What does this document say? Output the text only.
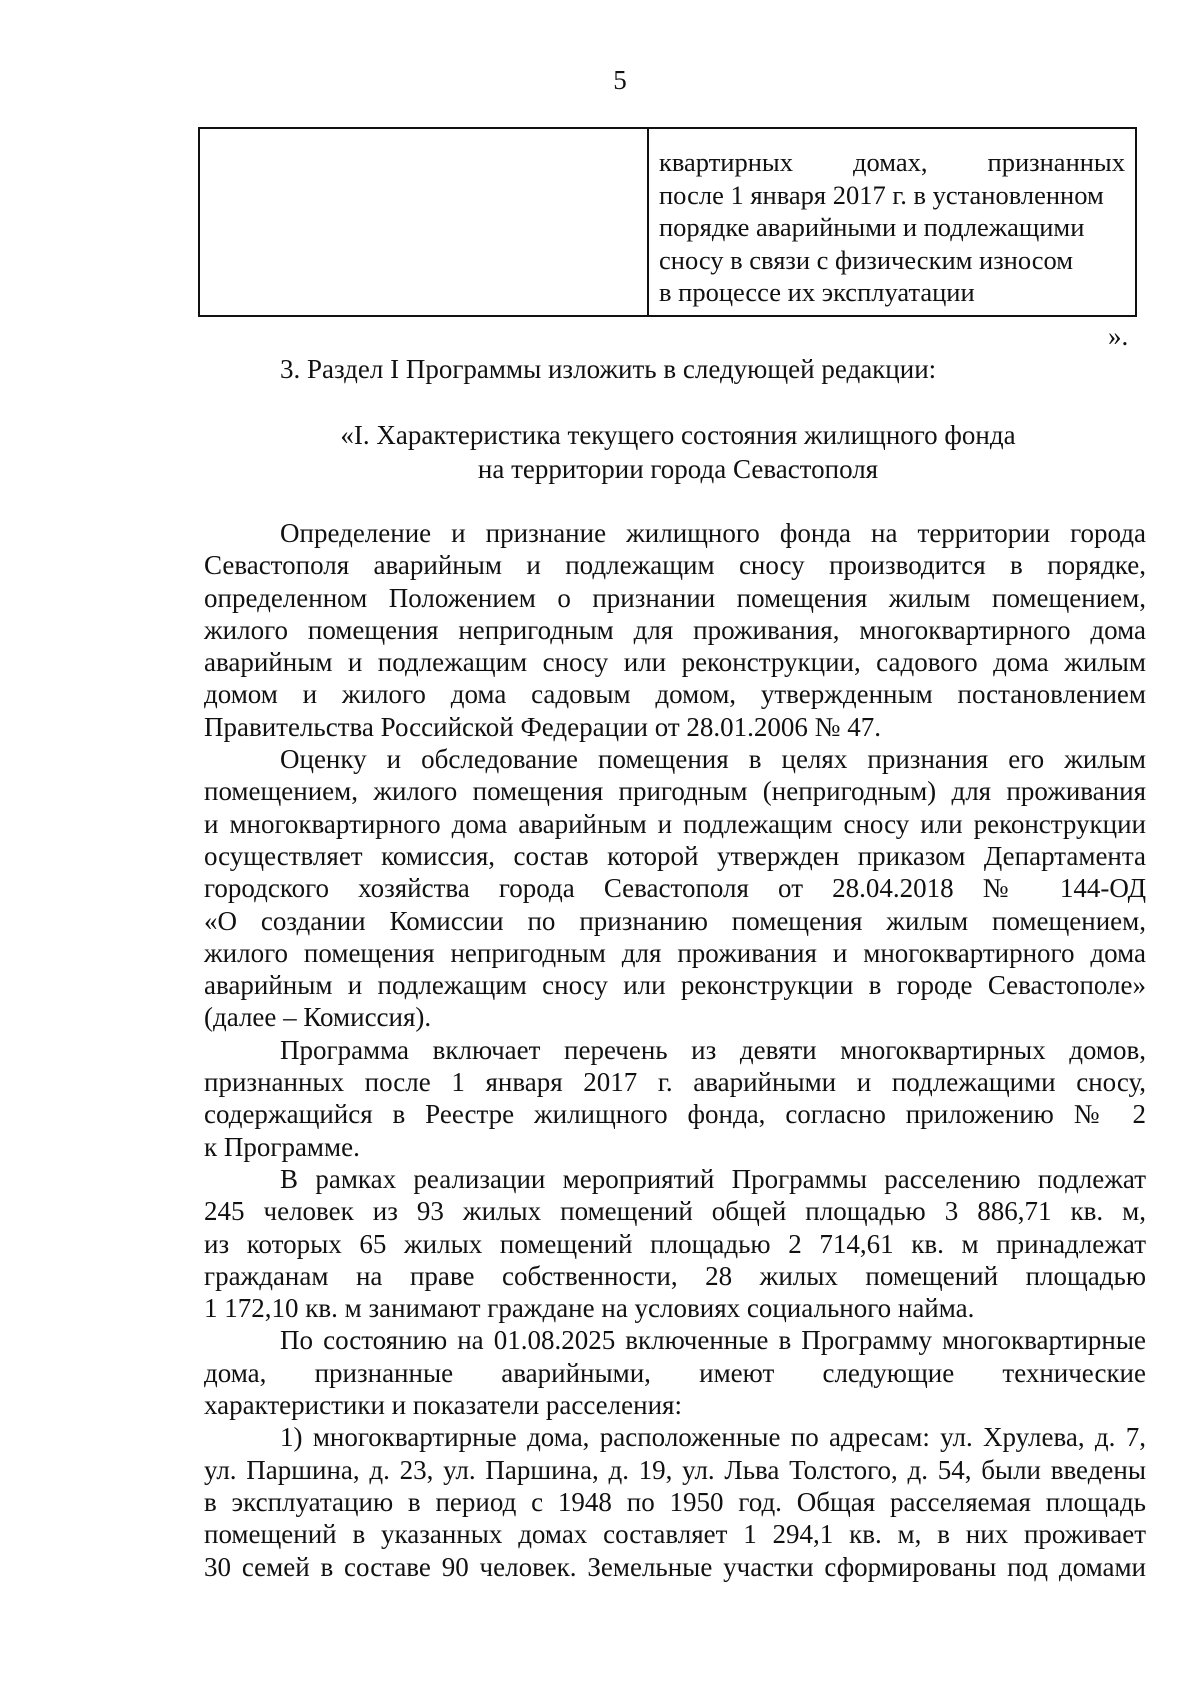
5
квартирных домах, признанных
после 1 января 2017 г. в установленном
порядке аварийными и подлежащими
сносу в связи с физическим износом
в процессе их эксплуатации
».
3. Раздел I Программы изложить в следующей редакции:
«I. Характеристика текущего состояния жилищного фонда
на территории города Севастополя
Определение и признание жилищного фонда на территории города
Севастополя аварийным и подлежащим сносу производится в порядке,
определенном Положением о признании помещения жилым помещением,
жилого помещения непригодным для проживания, многоквартирного дома
аварийным и подлежащим сносу или реконструкции, садового дома жилым
домом и жилого дома садовым домом, утвержденным постановлением
Правительства Российской Федерации от 28.01.2006 № 47.
Оценку и обследование помещения в целях признания его жилым
помещением, жилого помещения пригодным (непригодным) для проживания
и многоквартирного дома аварийным и подлежащим сносу или реконструкции
осуществляет комиссия, состав которой утвержден приказом Департамента
городского хозяйства города Севастополя от 28.04.2018 № 144-ОД
«О создании Комиссии по признанию помещения жилым помещением,
жилого помещения непригодным для проживания и многоквартирного дома
аварийным и подлежащим сносу или реконструкции в городе Севастополе»
(далее – Комиссия).
Программа включает перечень из девяти многоквартирных домов,
признанных после 1 января 2017 г. аварийными и подлежащими сносу,
содержащийся в Реестре жилищного фонда, согласно приложению № 2
к Программе.
В рамках реализации мероприятий Программы расселению подлежат
245 человек из 93 жилых помещений общей площадью 3 886,71 кв. м,
из которых 65 жилых помещений площадью 2 714,61 кв. м принадлежат
гражданам на праве собственности, 28 жилых помещений площадью
1 172,10 кв. м занимают граждане на условиях социального найма.
По состоянию на 01.08.2025 включенные в Программу многоквартирные
дома, признанные аварийными, имеют следующие технические
характеристики и показатели расселения:
1) многоквартирные дома, расположенные по адресам: ул. Хрулева, д. 7,
ул. Паршина, д. 23, ул. Паршина, д. 19, ул. Льва Толстого, д. 54, были введены
в эксплуатацию в период с 1948 по 1950 год. Общая расселяемая площадь
помещений в указанных домах составляет 1 294,1 кв. м, в них проживает
30 семей в составе 90 человек. Земельные участки сформированы под домами
